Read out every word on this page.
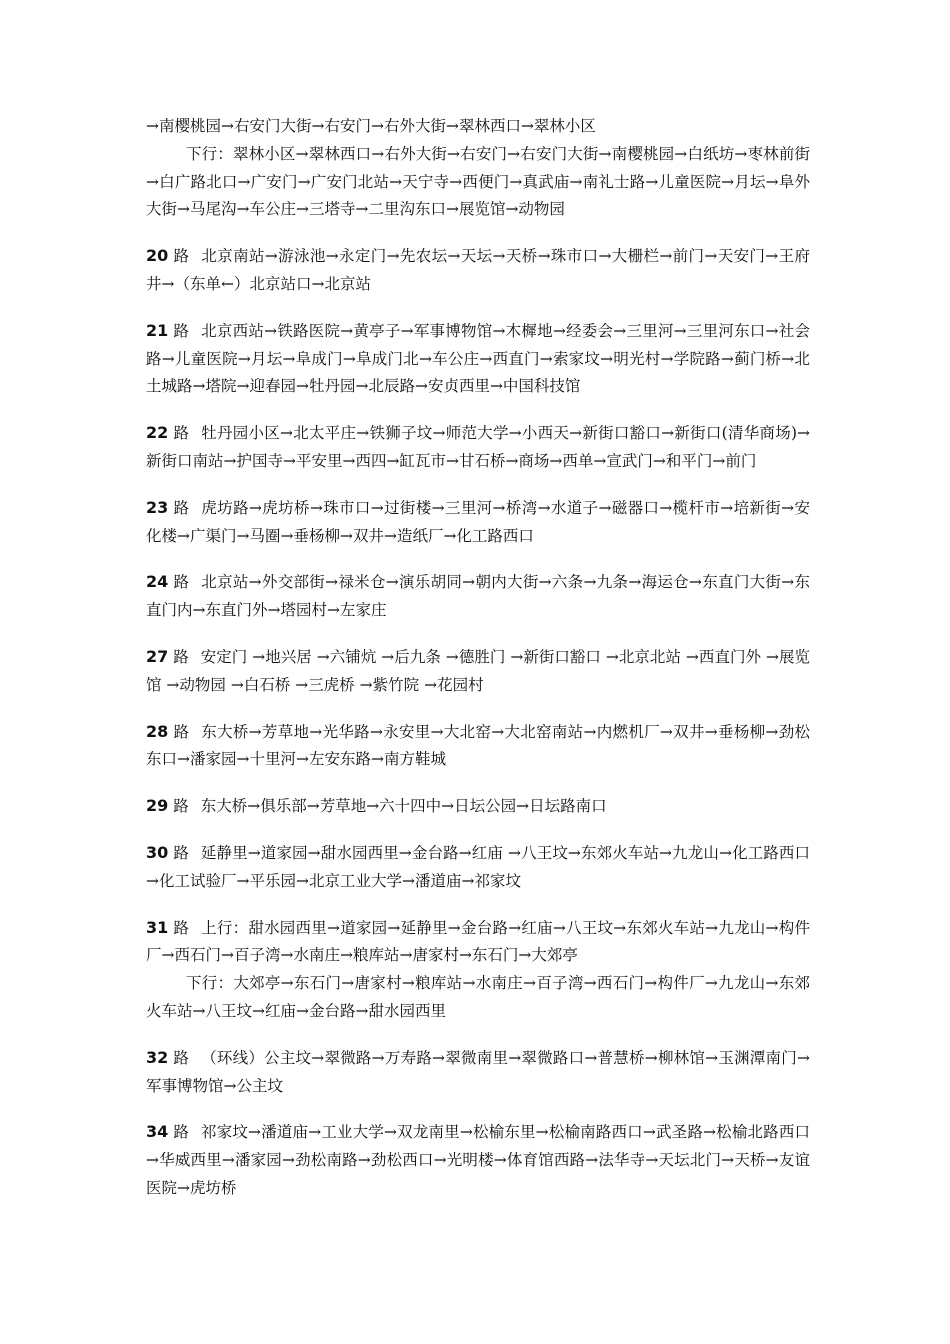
→南樱桃园→右安门大街→右安门→右外大街→翠林西口→翠林小区
下行：翠林小区→翠林西口→右外大街→右安门→右安门大街→南樱桃园→白纸坊→枣林前街→白广路北口→广安门→广安门北站→天宁寺→西便门→真武庙→南礼士路→儿童医院→月坛→阜外大街→马尾沟→车公庄→三塔寺→二里沟东口→展览馆→动物园
20 路 北京南站→游泳池→永定门→先农坛→天坛→天桥→珠市口→大栅栏→前门→天安门→王府井→（东单←）北京站口→北京站
21 路 北京西站→铁路医院→黄亭子→军事博物馆→木樨地→经委会→三里河→三里河东口→社会路→儿童医院→月坛→阜成门→阜成门北→车公庄→西直门→索家坟→明光村→学院路→蓟门桥→北土城路→塔院→迎春园→牡丹园→北辰路→安贞西里→中国科技馆
22 路 牡丹园小区→北太平庄→铁狮子坟→师范大学→小西天→新街口豁口→新街口(清华商场)→新街口南站→护国寺→平安里→西四→缸瓦市→甘石桥→商场→西单→宣武门→和平门→前门
23 路 虎坊路→虎坊桥→珠市口→过街楼→三里河→桥湾→水道子→磁器口→榄杆市→培新街→安化楼→广渠门→马圈→垂杨柳→双井→造纸厂→化工路西口
24 路 北京站→外交部街→禄米仓→演乐胡同→朝内大街→六条→九条→海运仓→东直门大街→东直门内→东直门外→塔园村→左家庄
27 路 安定门 →地兴居 →六铺炕 →后九条 →德胜门 →新街口豁口 →北京北站 →西直门外 →展览馆 →动物园 →白石桥 →三虎桥 →紫竹院 →花园村
28 路 东大桥→芳草地→光华路→永安里→大北窑→大北窑南站→内燃机厂→双井→垂杨柳→劲松东口→潘家园→十里河→左安东路→南方鞋城
29 路 东大桥→俱乐部→芳草地→六十四中→日坛公园→日坛路南口
30 路 延静里→道家园→甜水园西里→金台路→红庙 →八王坟→东郊火车站→九龙山→化工路西口→化工试验厂→平乐园→北京工业大学→潘道庙→祁家坟
31 路 上行：甜水园西里→道家园→延静里→金台路→红庙→八王坟→东郊火车站→九龙山→构件厂→西石门→百子湾→水南庄→粮库站→唐家村→东石门→大郊亭
下行：大郊亭→东石门→唐家村→粮库站→水南庄→百子湾→西石门→构件厂→九龙山→东郊火车站→八王坟→红庙→金台路→甜水园西里
32 路 （环线）公主坟→翠微路→万寿路→翠微南里→翠微路口→普慧桥→柳林馆→玉渊潭南门→军事博物馆→公主坟
34 路 祁家坟→潘道庙→工业大学→双龙南里→松榆东里→松榆南路西口→武圣路→松榆北路西口→华威西里→潘家园→劲松南路→劲松西口→光明楼→体育馆西路→法华寺→天坛北门→天桥→友谊医院→虎坊桥
